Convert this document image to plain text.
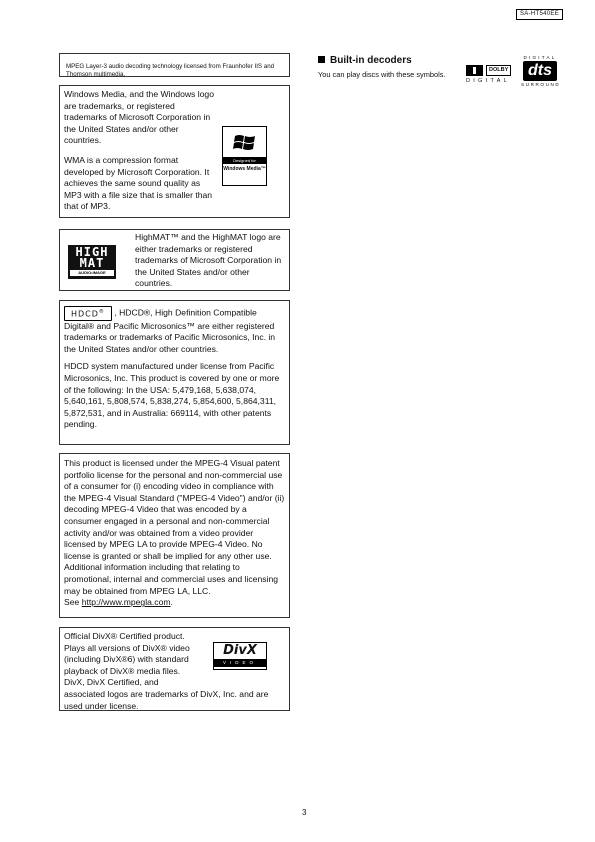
SA-HT540EE

MPEG Layer-3 audio decoding technology licensed from Fraunhofer IIS and Thomson multimedia.

Windows Media, and the Windows logo are trademarks, or registered trademarks of Microsoft Corporation in the United States and/or other countries.

WMA is a compression format developed by Microsoft Corporation. It achieves the same sound quality as MP3 with a file size that is smaller than that of MP3.

Designed for
Windows Media™
HIGH
MAT
AUDIO•IMAGE

HighMAT™ and the HighMAT logo are either trademarks or registered trademarks of Microsoft Corporation in the United States and/or other countries.

HDCD® , HDCD®, High Definition Compatible Digital® and Pacific Microsonics™ are either registered trademarks or trademarks of Pacific Microsonics, Inc. in the United States and/or other countries.

HDCD system manufactured under license from Pacific Microsonics, Inc. This product is covered by one or more of the following: In the USA: 5,479,168, 5,638,074, 5,640,161, 5,808,574, 5,838,274, 5,854,600, 5,864,311, 5,872,531, and in Australia: 669114, with other patents pending.

This product is licensed under the MPEG-4 Visual patent portfolio license for the personal and non-commercial use of a consumer for (i) encoding video in compliance with the MPEG-4 Visual Standard ("MPEG-4 Video") and/or (ii) decoding MPEG-4 Video that was encoded by a consumer engaged in a personal and non-commercial activity and/or was obtained from a video provider licensed by MPEG LA to provide MPEG-4 Video. No license is granted or shall be implied for any other use. Additional information including that relating to promotional, internal and commercial uses and licensing may be obtained from MPEG LA, LLC.

See http://www.mpegla.com.

Official DivX® Certified product.

Plays all versions of DivX® video

(including DivX®6) with standard

playback of DivX® media files.

DivX, DivX Certified, and

associated logos are trademarks of DivX, Inc. and are used under license.

DivX
VIDEO
Built-in decoders

You can play discs with these symbols.	DOLBY
DIGITAL
DIGITAL
dts
SURROUND
3
